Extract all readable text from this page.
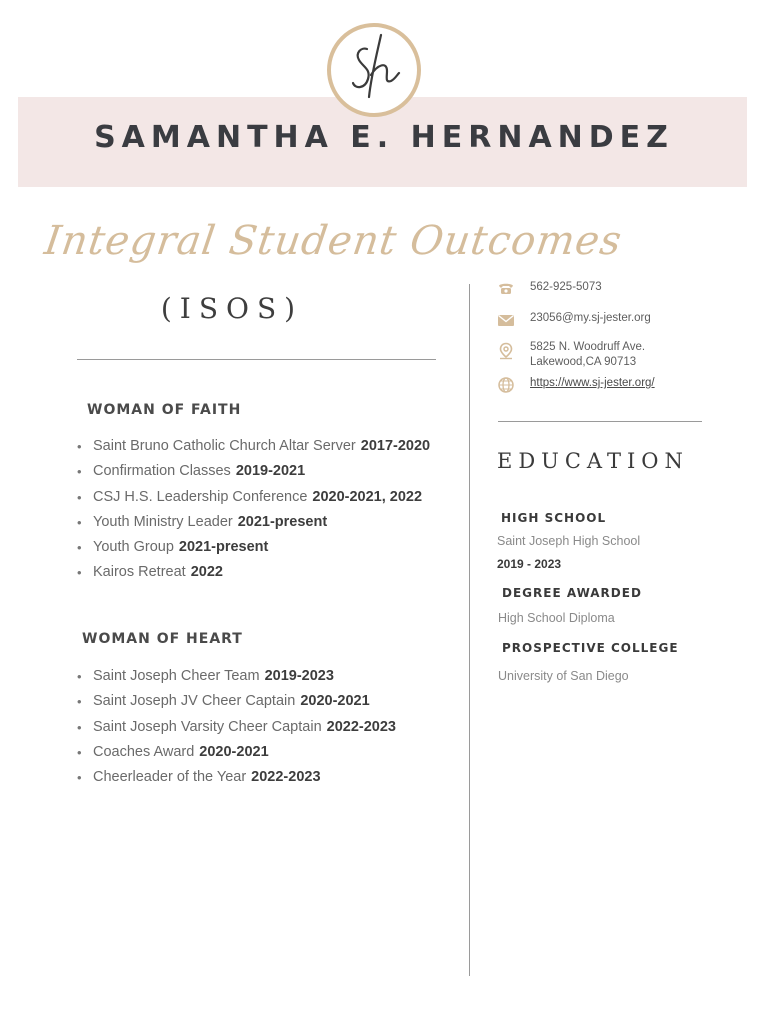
SAMANTHA E. HERNANDEZ
Integral Student Outcomes
(ISOS)
WOMAN OF FAITH
• Saint Bruno Catholic Church Altar Server 2017-2020
• Confirmation Classes 2019-2021
• CSJ H.S. Leadership Conference 2020-2021, 2022
• Youth Ministry Leader 2021-present
• Youth Group 2021-present
• Kairos Retreat 2022
WOMAN OF HEART
• Saint Joseph Cheer Team 2019-2023
• Saint Joseph JV Cheer Captain 2020-2021
• Saint Joseph Varsity Cheer Captain 2022-2023
• Coaches Award 2020-2021
• Cheerleader of the Year 2022-2023
562-925-5073
23056@my.sj-jester.org
5825 N. Woodruff Ave.
Lakewood,CA 90713
https://www.sj-jester.org/
EDUCATION
HIGH SCHOOL
Saint Joseph High School
2019 - 2023
DEGREE AWARDED
High School Diploma
PROSPECTIVE COLLEGE
University of San Diego
